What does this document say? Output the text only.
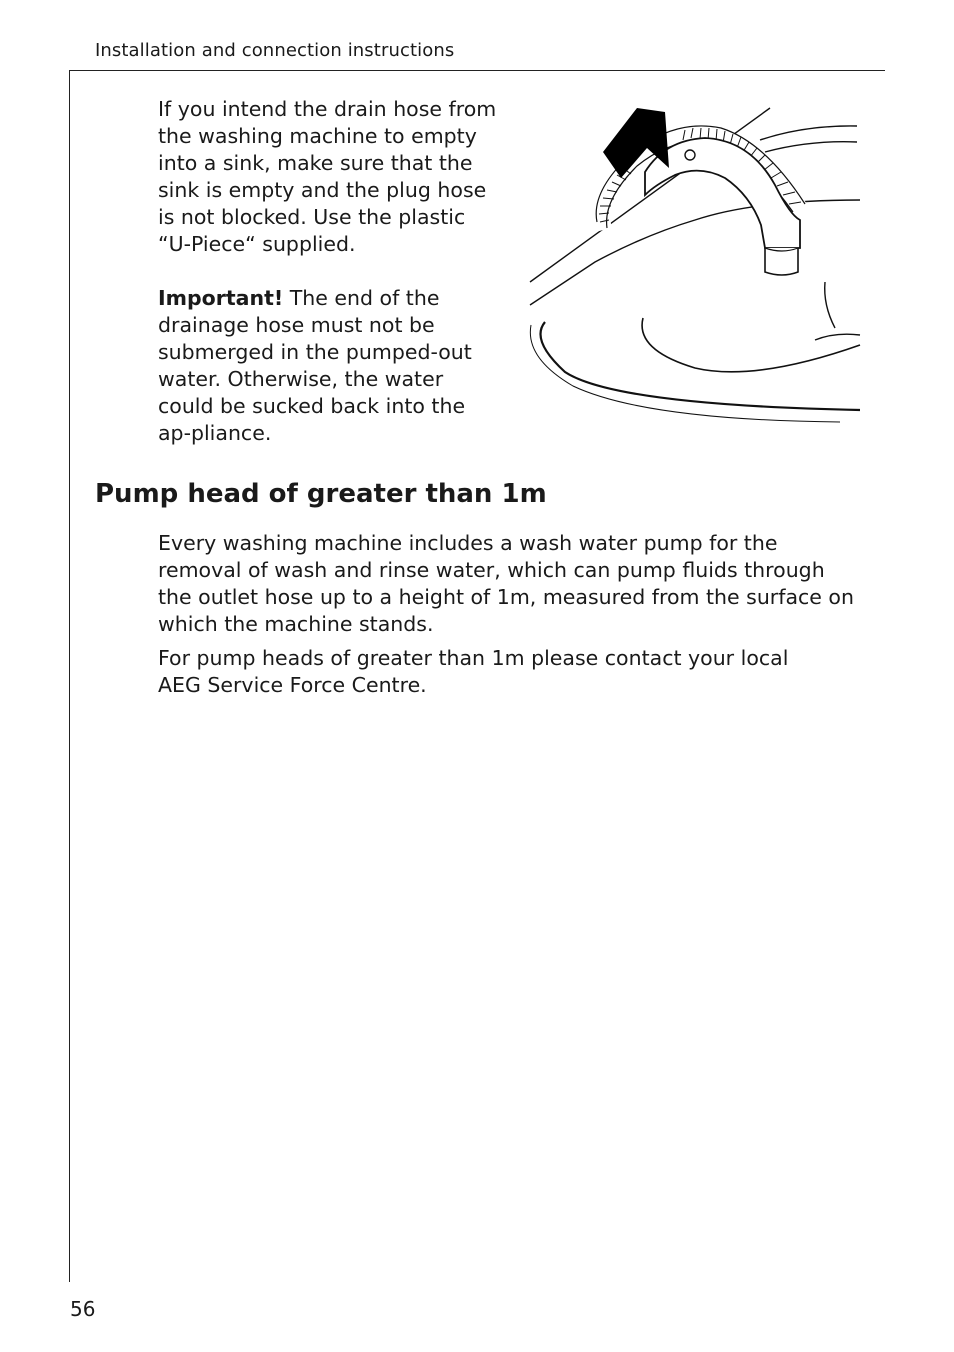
Installation and connection instructions

If you intend the drain hose from the washing machine to empty into a sink, make sure that the sink is empty and the plug hose is not blocked. Use the plastic “U-Piece“ supplied.

Important! The end of the drainage hose must not be submerged in the pumped-out water. Otherwise, the water could be sucked back into the ap-pliance.

Pump head of greater than 1m

Every washing machine includes a wash water pump for the removal of wash and rinse water, which can pump fluids through the outlet hose up to a height of 1m, measured from the surface on which the machine stands.

For pump heads of greater than 1m please contact your local
AEG Service Force Centre.

56
